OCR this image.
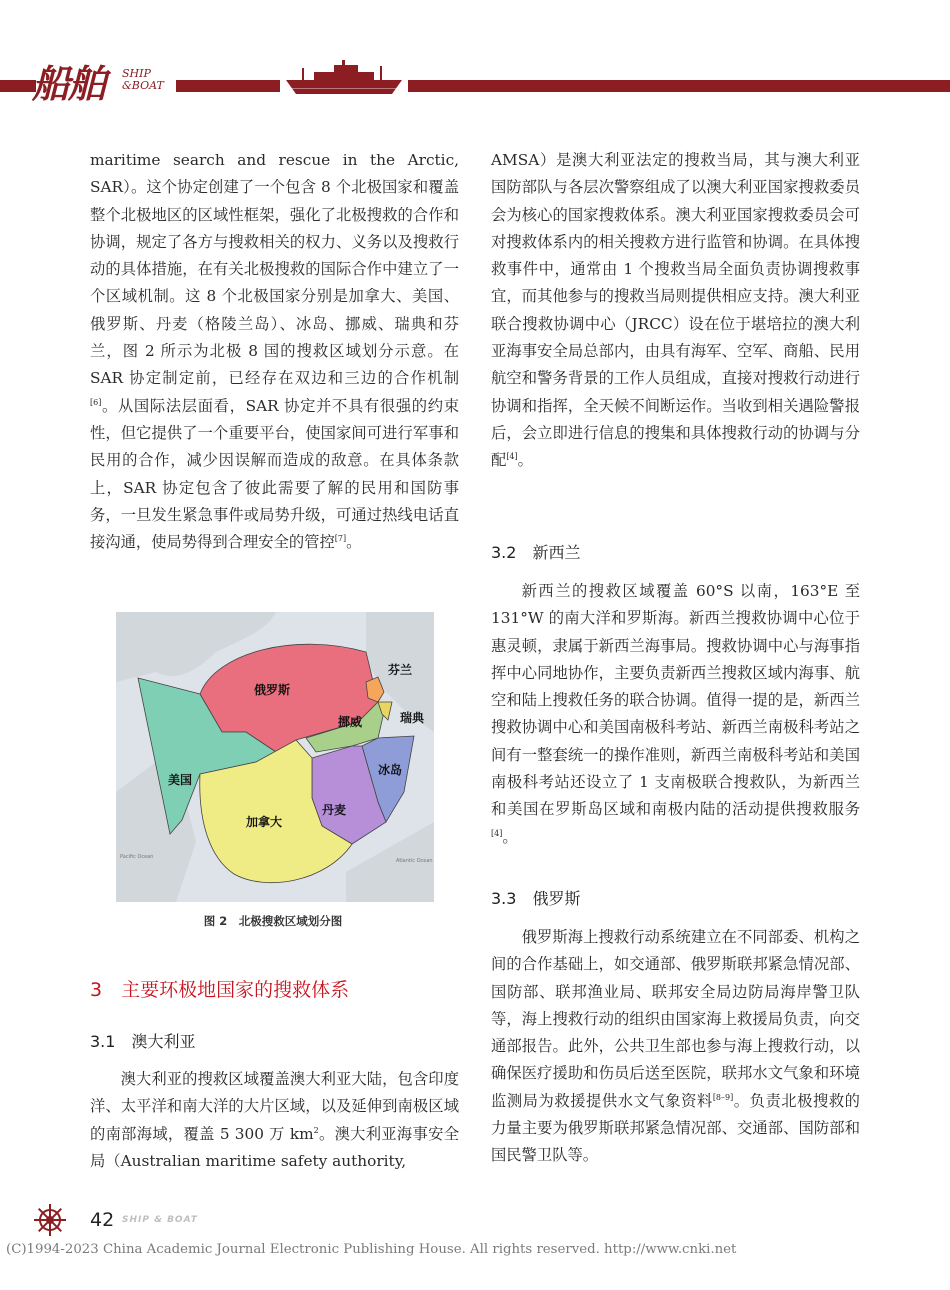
船舶 SHIP
&BOAT

maritime search and rescue in the Arctic, SAR）。这个协定创建了一个包含 8 个北极国家和覆盖整个北极地区的区域性框架，强化了北极搜救的合作和协调，规定了各方与搜救相关的权力、义务以及搜救行动的具体措施，在有关北极搜救的国际合作中建立了一个区域机制。这 8 个北极国家分别是加拿大、美国、俄罗斯、丹麦（格陵兰岛）、冰岛、挪威、瑞典和芬兰，图 2 所示为北极 8 国的搜救区域划分示意。在 SAR 协定制定前，已经存在双边和三边的合作机制[6]。从国际法层面看，SAR 协定并不具有很强的约束性，但它提供了一个重要平台，使国家间可进行军事和民用的合作，减少因误解而造成的敌意。在具体条款上，SAR 协定包含了彼此需要了解的民用和国防事务，一旦发生紧急事件或局势升级，可通过热线电话直接沟通，使局势得到合理安全的管控[7]。

俄罗斯
芬兰
挪威	瑞典
冰岛
美国
丹麦
加拿大
Pacific Ocean
Atlantic Ocean
图 2　北极搜救区域划分图
3　主要环极地国家的搜救体系
3.1　澳大利亚

澳大利亚的搜救区域覆盖澳大利亚大陆，包含印度洋、太平洋和南大洋的大片区域，以及延伸到南极区域的南部海域，覆盖 5 300 万 $km^2$。澳大利亚海事安全局（Australian maritime safety authority,

AMSA）是澳大利亚法定的搜救当局，其与澳大利亚国防部队与各层次警察组成了以澳大利亚国家搜救委员会为核心的国家搜救体系。澳大利亚国家搜救委员会可对搜救体系内的相关搜救方进行监管和协调。在具体搜救事件中，通常由 1 个搜救当局全面负责协调搜救事宜，而其他参与的搜救当局则提供相应支持。澳大利亚联合搜救协调中心（JRCC）设在位于堪培拉的澳大利亚海事安全局总部内，由具有海军、空军、商船、民用航空和警务背景的工作人员组成，直接对搜救行动进行协调和指挥，全天候不间断运作。当收到相关遇险警报后，会立即进行信息的搜集和具体搜救行动的协调与分配[4]。

3.2　新西兰

新西兰的搜救区域覆盖 60°S 以南，163°E 至 131°W 的南大洋和罗斯海。新西兰搜救协调中心位于惠灵顿，隶属于新西兰海事局。搜救协调中心与海事指挥中心同地协作，主要负责新西兰搜救区域内海事、航空和陆上搜救任务的联合协调。值得一提的是，新西兰搜救协调中心和美国南极科考站、新西兰南极科考站之间有一整套统一的操作准则，新西兰南极科考站和美国南极科考站还设立了 1 支南极联合搜救队，为新西兰和美国在罗斯岛区域和南极内陆的活动提供搜救服务[4]。

3.3　俄罗斯

俄罗斯海上搜救行动系统建立在不同部委、机构之间的合作基础上，如交通部、俄罗斯联邦紧急情况部、国防部、联邦渔业局、联邦安全局边防局海岸警卫队等，海上搜救行动的组织由国家海上救援局负责，向交通部报告。此外，公共卫生部也参与海上搜救行动，以确保医疗援助和伤员后送至医院，联邦水文气象和环境监测局为救援提供水文气象资料[8–9]。负责北极搜救的力量主要为俄罗斯联邦紧急情况部、交通部、国防部和国民警卫队等。

42 SHIP & BOAT
(C)1994-2023 China Academic Journal Electronic Publishing House. All rights reserved. http://www.cnki.net
